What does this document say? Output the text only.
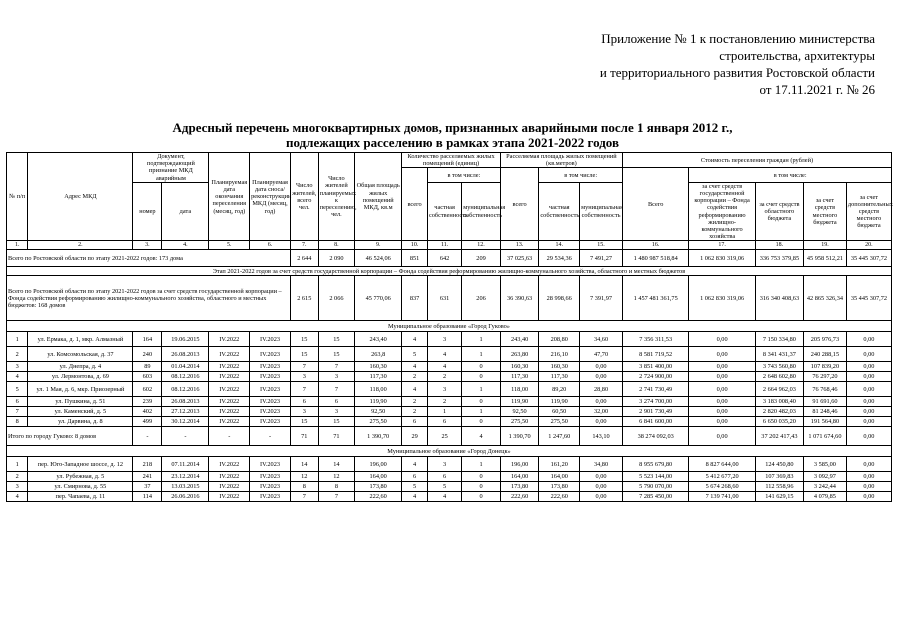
Приложение № 1 к постановлению министерства
строительства, архитектуры
и территориального развития Ростовской области
от 17.11.2021 г. № 26
Адресный перечень многоквартирных домов, признанных аварийными после 1 января 2012 г.,
подлежащих расселению в рамках этапа 2021-2022 годов
№ п/п	Адрес МКД	Документ, подтверждающий признание МКД аварийным		Планируемая дата окончания переселения (месяц, год)	Планируемая дата сноса/реконструкции МКД (месяц, год)	Число жителей, всего чел.	Число жителей планируемых к переселению, чел.	Общая площадь жилых помещений МКД, кв.м	Количество расселяемых жилых помещений (единиц)			Расселяемая площадь жилых помещений (кв.метров)			Стоимость переселения граждан (рублей)				
									всего	в том числе:		всего	в том числе:		Всего	в том числе:			
		номер	дата							частная собственность	муниципальная собственность		частная собственность	муниципальная собственность		за счет средств государственной корпорации – Фонда содействия реформированию жилищно-коммунального хозяйства	за счет средств областного бюджета	за счет средств местного бюджета	за счет дополнительных средств местного бюджета
1.	2.	3.	4.	5.	6.	7.	8.	9.	10.	11.	12.	13.	14.	15.	16.	17.	18.	19.	20.
Всего по Ростовской области по этапу 2021-2022 годов: 173 дома						2 644	2 090	46 524,06	851	642	209	37 025,63	29 534,36	7 491,27	1 480 987 518,84	1 062 830 319,06	336 753 379,85	45 958 512,21	35 445 307,72
Этап 2021-2022 годов за счет средств государственной корпорации – Фонда содействия реформированию жилищно-коммунального хозяйства, областного и местных бюджетов																			
Всего по Ростовской области по этапу 2021-2022 годов за счет средств государственной корпорации – Фонда содействия реформированию жилищно-коммунального хозяйства, областного и местных бюджетов: 168 домов						2 615	2 066	45 770,06	837	631	206	36 390,63	28 998,66	7 391,97	1 457 481 361,75	1 062 830 319,06	316 340 408,63	42 865 326,34	35 445 307,72
Муниципальное образование «Город Гуково»																			
1	ул. Ермака, д. 1, мкр. Алмазный	164	19.06.2015	IV.2022	IV.2023	15	15	243,40	4	3	1	243,40	208,80	34,60	7 356 311,53	0,00	7 150 334,80	205 976,73	0,00
2	ул. Комсомольская, д. 37	240	26.08.2013	IV.2022	IV.2023	15	15	263,8	5	4	1	263,80	216,10	47,70	8 581 719,52	0,00	8 341 431,37	240 288,15	0,00
3	ул. Днепра, д. 4	89	01.04.2014	IV.2022	IV.2023	7	7	160,30	4	4	0	160,30	160,30	0,00	3 851 400,00	0,00	3 743 560,80	107 839,20	0,00
4	ул. Лермонтова, д. 69	603	08.12.2016	IV.2022	IV.2023	3	3	117,30	2	2	0	117,30	117,30	0,00	2 724 900,00	0,00	2 648 602,80	76 297,20	0,00
5	ул. 1 Мая, д. 6, мкр. Приозерный	602	08.12.2016	IV.2022	IV.2023	7	7	118,00	4	3	1	118,00	89,20	28,80	2 741 730,49	0,00	2 664 962,03	76 768,46	0,00
6	ул. Пушкина, д. 51	239	26.08.2013	IV.2022	IV.2023	6	6	119,90	2	2	0	119,90	119,90	0,00	3 274 700,00	0,00	3 183 008,40	91 691,60	0,00
7	ул. Каменский, д. 5	402	27.12.2013	IV.2022	IV.2023	3	3	92,50	2	1	1	92,50	60,50	32,00	2 901 730,49	0,00	2 820 482,03	81 248,46	0,00
8	ул. Дарвина, д. 8	499	30.12.2014	IV.2022	IV.2023	15	15	275,50	6	6	0	275,50	275,50	0,00	6 841 600,00	0,00	6 650 035,20	191 564,80	0,00
Итого по городу Гуково: 8 домов		-	-	-	-	71	71	1 390,70	29	25	4	1 390,70	1 247,60	143,10	38 274 092,03	0,00	37 202 417,43	1 071 674,60	0,00
Муниципальное образование «Город Донецк»																			
1	пер. Юго-Западное шоссе, д. 12	218	07.11.2014	IV.2022	IV.2023	14	14	196,00	4	3	1	196,00	161,20	34,80	8 955 679,80	8 827 644,00	124 450,80	3 585,00	0,00
2	ул. Рубежная, д. 5	241	23.12.2014	IV.2022	IV.2023	12	12	164,00	6	6	0	164,00	164,00	0,00	5 523 144,00	5 412 677,20	107 369,83	3 092,97	0,00
3	ул. Смирнова, д. 55	37	13.03.2015	IV.2022	IV.2023	8	8	173,80	5	5	0	173,80	173,80	0,00	5 790 070,00	5 674 268,60	112 558,96	3 242,44	0,00
4	пер. Чапаева, д. 11	114	26.06.2016	IV.2022	IV.2023	7	7	222,60	4	4	0	222,60	222,60	0,00	7 285 450,00	7 139 741,00	141 629,15	4 079,85	0,00
